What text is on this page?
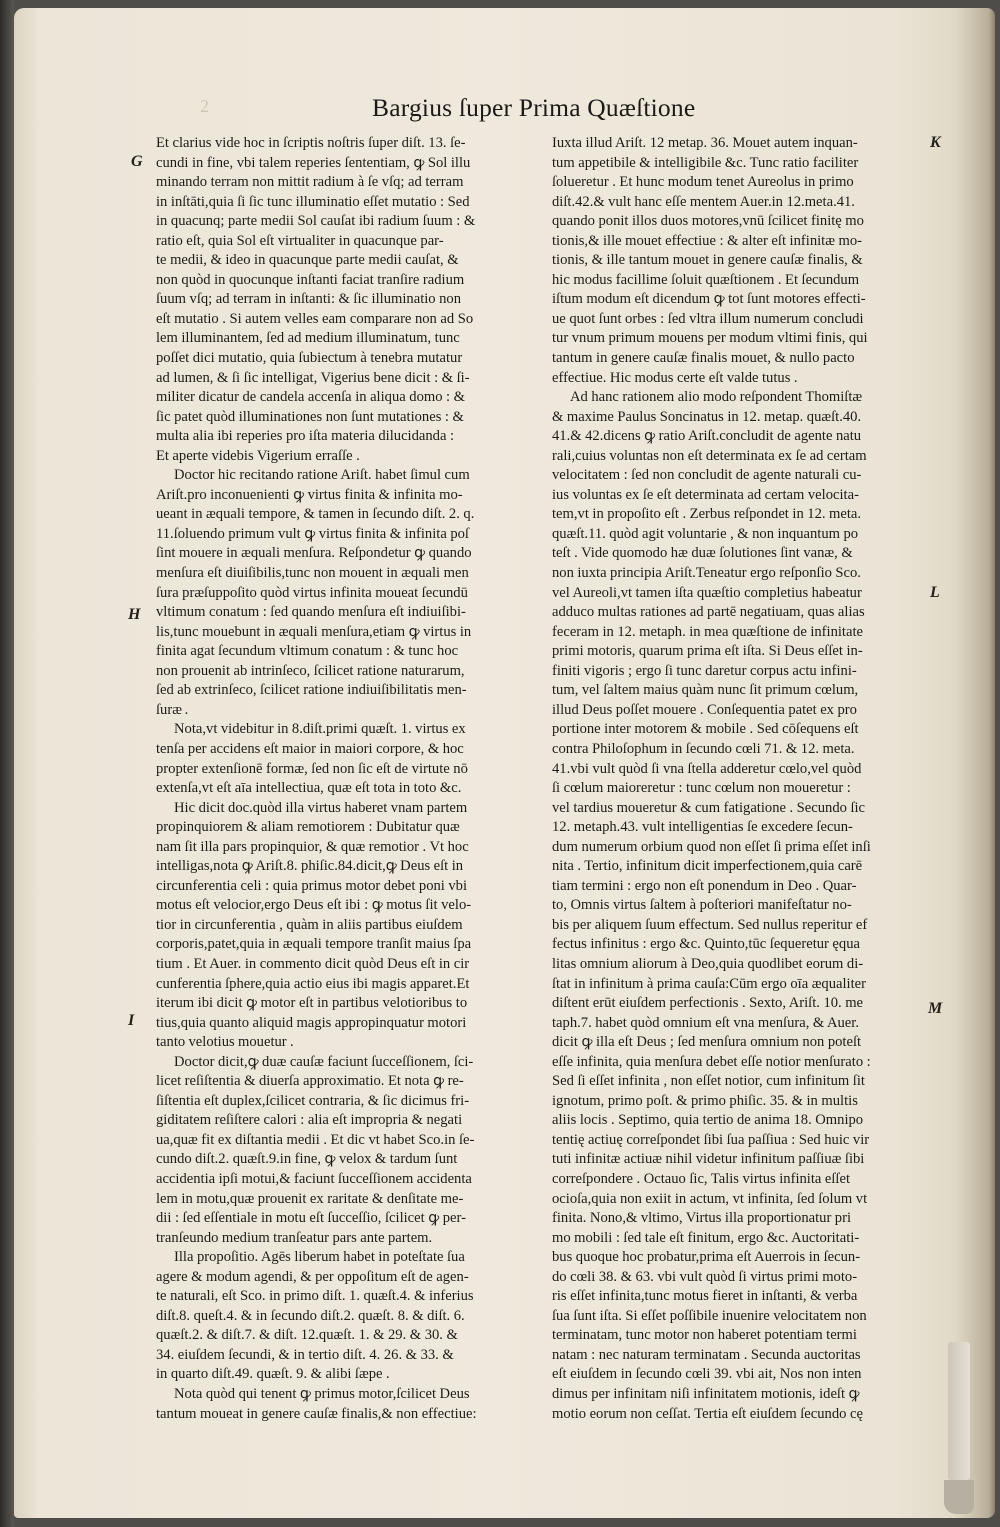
2	Bargius ſuper Prima Quæſtione
G
H
I
K
L
M
Et clarius vide hoc in ſcriptis noſtris ſuper diſt. 13. ſe-
cundi in fine, vbi talem reperies ſententiam, ꝙ Sol illu
minando terram non mittit radium à ſe vſq; ad terram
in inſtāti,quia ſi ſic tunc illuminatio eſſet mutatio : Sed
in quacunq; parte medii Sol cauſat ibi radium ſuum : &
ratio eſt, quia Sol eſt virtualiter in quacunque par-
te medii, & ideo in quacunque parte medii cauſat, &
non quòd in quocunque inſtanti faciat tranſire radium
ſuum vſq; ad terram in inſtanti: & ſic illuminatio non
eſt mutatio . Si autem velles eam comparare non ad So
lem illuminantem, ſed ad medium illuminatum, tunc
poſſet dici mutatio, quia ſubiectum à tenebra mutatur
ad lumen, & ſi ſic intelligat, Vigerius bene dicit : & ſi-
militer dicatur de candela accenſa in aliqua domo : &
ſic patet quòd illuminationes non ſunt mutationes : &
multa alia ibi reperies pro iſta materia dilucidanda :
Et aperte videbis Vigerium erraſſe .
Doctor hic recitando ratione Ariſt. habet ſimul cum
Ariſt.pro inconuenienti ꝙ virtus finita & infinita mo-
ueant in æquali tempore, & tamen in ſecundo diſt. 2. q.
11.ſoluendo primum vult ꝙ virtus finita & infinita poſ
ſint mouere in æquali menſura. Reſpondetur ꝙ quando
menſura eſt diuiſibilis,tunc non mouent in æquali men
ſura præſuppoſito quòd virtus infinita moueat ſecundū
vltimum conatum : ſed quando menſura eſt indiuiſibi-
lis,tunc mouebunt in æquali menſura,etiam ꝙ virtus in
finita agat ſecundum vltimum conatum : & tunc hoc
non prouenit ab intrinſeco, ſcilicet ratione naturarum,
ſed ab extrinſeco, ſcilicet ratione indiuiſibilitatis men-
ſuræ .
Nota,vt videbitur in 8.diſt.primi quæſt. 1. virtus ex
tenſa per accidens eſt maior in maiori corpore, & hoc
propter extenſionē formæ, ſed non ſic eſt de virtute nō
extenſa,vt eſt aīa intellectiua, quæ eſt tota in toto &c.
Hic dicit doc.quòd illa virtus haberet vnam partem
propinquiorem & aliam remotiorem : Dubitatur quæ
nam ſit illa pars propinquior, & quæ remotior . Vt hoc
intelligas,nota ꝙ Ariſt.8. phiſic.84.dicit,ꝙ Deus eſt in
circunferentia celi : quia primus motor debet poni vbi
motus eſt velocior,ergo Deus eſt ibi : ꝙ motus ſit velo-
tior in circunferentia , quàm in aliis partibus eiuſdem
corporis,patet,quia in æquali tempore tranſit maius ſpa
tium . Et Auer. in commento dicit quòd Deus eſt in cir
cunferentia ſphere,quia actio eius ibi magis apparet.Et
iterum ibi dicit ꝙ motor eſt in partibus velotioribus to
tius,quia quanto aliquid magis appropinquatur motori
tanto velotius mouetur .
Doctor dicit,ꝙ duæ cauſæ faciunt ſucceſſionem, ſci-
licet reſiſtentia & diuerſa approximatio. Et nota ꝙ re-
ſiſtentia eſt duplex,ſcilicet contraria, & ſic dicimus fri-
giditatem reſiſtere calori : alia eſt impropria & negati
ua,quæ fit ex diſtantia medii . Et dic vt habet Sco.in ſe-
cundo diſt.2. quæſt.9.in fine, ꝙ velox & tardum ſunt
accidentia ipſi motui,& faciunt ſucceſſionem accidenta
lem in motu,quæ prouenit ex raritate & denſitate me-
dii : ſed eſſentiale in motu eſt ſucceſſio, ſcilicet ꝙ per-
tranſeundo medium tranſeatur pars ante partem.
Illa propoſitio. Agēs liberum habet in poteſtate ſua
agere & modum agendi, & per oppoſitum eſt de agen-
te naturali, eſt Sco. in primo diſt. 1. quæſt.4. & inferius
diſt.8. queſt.4. & in ſecundo diſt.2. quæſt. 8. & diſt. 6.
quæſt.2. & diſt.7. & diſt. 12.quæſt. 1. & 29. & 30. &
34. eiuſdem ſecundi, & in tertio diſt. 4. 26. & 33. &
in quarto diſt.49. quæſt. 9. & alibi ſæpe .
Nota quòd qui tenent ꝙ primus motor,ſcilicet Deus
tantum moueat in genere cauſæ finalis,& non effectiue:
Iuxta illud Ariſt. 12 metap. 36. Mouet autem inquan-
tum appetibile & intelligibile &c. Tunc ratio faciliter
ſolueretur . Et hunc modum tenet Aureolus in primo
diſt.42.& vult hanc eſſe mentem Auer.in 12.meta.41.
quando ponit illos duos motores,vnū ſcilicet finitę mo
tionis,& ille mouet effectiue : & alter eſt infinitæ mo-
tionis, & ille tantum mouet in genere cauſæ finalis, &
hic modus facillime ſoluit quæſtionem . Et ſecundum
iſtum modum eſt dicendum ꝙ tot ſunt motores effecti-
ue quot ſunt orbes : ſed vltra illum numerum concludi
tur vnum primum mouens per modum vltimi finis, qui
tantum in genere cauſæ finalis mouet, & nullo pacto
effectiue. Hic modus certe eſt valde tutus .
Ad hanc rationem alio modo reſpondent Thomiſtæ
& maxime Paulus Soncinatus in 12. metap. quæſt.40.
41.& 42.dicens ꝙ ratio Ariſt.concludit de agente natu
rali,cuius voluntas non eſt determinata ex ſe ad certam
velocitatem : ſed non concludit de agente naturali cu-
ius voluntas ex ſe eſt determinata ad certam velocita-
tem,vt in propoſito eſt . Zerbus reſpondet in 12. meta.
quæſt.11. quòd agit voluntarie , & non inquantum po
teſt . Vide quomodo hæ duæ ſolutiones ſint vanæ, &
non iuxta principia Ariſt.Teneatur ergo reſponſio Sco.
vel Aureoli,vt tamen iſta quæſtio completius habeatur
adduco multas rationes ad partē negatiuam, quas alias
feceram in 12. metaph. in mea quæſtione de infinitate
primi motoris, quarum prima eſt iſta. Si Deus eſſet in-
finiti vigoris ; ergo ſi tunc daretur corpus actu infini-
tum, vel ſaltem maius quàm nunc ſit primum cœlum,
illud Deus poſſet mouere . Conſequentia patet ex pro
portione inter motorem & mobile . Sed cōſequens eſt
contra Philoſophum in ſecundo cœli 71. & 12. meta.
41.vbi vult quòd ſi vna ſtella adderetur cœlo,vel quòd
ſi cœlum maioreretur : tunc cœlum non moueretur :
vel tardius moueretur & cum fatigatione . Secundo ſic
12. metaph.43. vult intelligentias ſe excedere ſecun-
dum numerum orbium quod non eſſet ſi prima eſſet inſi
nita . Tertio, infinitum dicit imperfectionem,quia carē
tiam termini : ergo non eſt ponendum in Deo . Quar-
to, Omnis virtus ſaltem à poſteriori manifeſtatur no-
bis per aliquem ſuum effectum. Sed nullus reperitur ef
fectus infinitus : ergo &c. Quinto,tūc ſequeretur ęqua
litas omnium aliorum à Deo,quia quodlibet eorum di-
ſtat in infinitum à prima cauſa:Cūm ergo oīa æqualiter
diſtent erūt eiuſdem perfectionis . Sexto, Ariſt. 10. me
taph.7. habet quòd omnium eſt vna menſura, & Auer.
dicit ꝙ illa eſt Deus ; ſed menſura omnium non poteſt
eſſe infinita, quia menſura debet eſſe notior menſurato :
Sed ſi eſſet infinita , non eſſet notior, cum infinitum ſit
ignotum, primo poſt. & primo phiſic. 35. & in multis
aliis locis . Septimo, quia tertio de anima 18. Omnipo
tentię actiuę correſpondet ſibi ſua paſſiua : Sed huic vir
tuti infinitæ actiuæ nihil videtur infinitum paſſiuæ ſibi
correſpondere . Octauo ſic, Talis virtus infinita eſſet
ocioſa,quia non exiit in actum, vt infinita, ſed ſolum vt
finita. Nono,& vltimo, Virtus illa proportionatur pri
mo mobili : ſed tale eſt finitum, ergo &c. Auctoritati-
bus quoque hoc probatur,prima eſt Auerrois in ſecun-
do cœli 38. & 63. vbi vult quòd ſi virtus primi moto-
ris eſſet infinita,tunc motus fieret in inſtanti, & verba
ſua ſunt iſta. Si eſſet poſſibile inuenire velocitatem non
terminatam, tunc motor non haberet potentiam termi
natam : nec naturam terminatam . Secunda auctoritas
eſt eiuſdem in ſecundo cœli 39. vbi ait, Nos non inten
dimus per infinitam niſi infinitatem motionis, ideſt ꝙ
motio eorum non ceſſat. Tertia eſt eiuſdem ſecundo cę
